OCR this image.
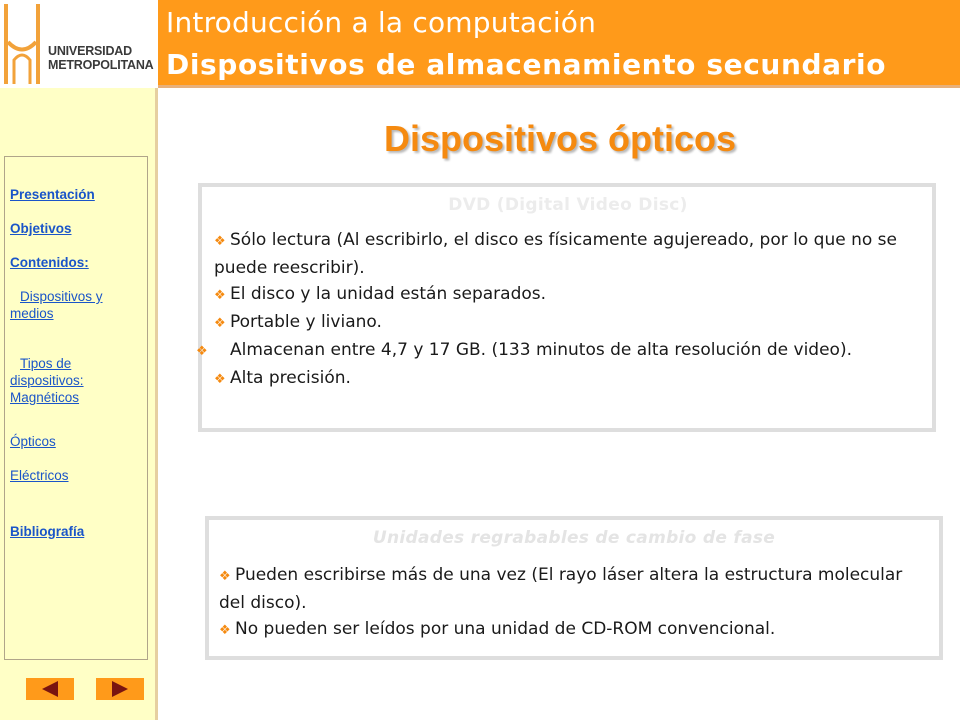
UNIVERSIDAD
METROPOLITANA
Introducción a la computación
Dispositivos de almacenamiento secundario
Presentación
Objetivos
Contenidos:
Dispositivos y medios
Tipos de dispositivos: Magnéticos
Ópticos
Eléctricos
Bibliografía
Dispositivos ópticos
DVD (Digital Video Disc)
❖ Sólo lectura (Al escribirlo, el disco es físicamente agujereado, por lo que no se puede reescribir).
❖ El disco y la unidad están separados.
❖ Portable y liviano.
❖ Almacenan entre 4,7 y 17 GB. (133 minutos de alta resolución de video).
❖ Alta precisión.
Unidades regrabables de cambio de fase
❖ Pueden escribirse más de una vez (El rayo láser altera la estructura molecular del disco).
❖ No pueden ser leídos por una unidad de CD-ROM convencional.
